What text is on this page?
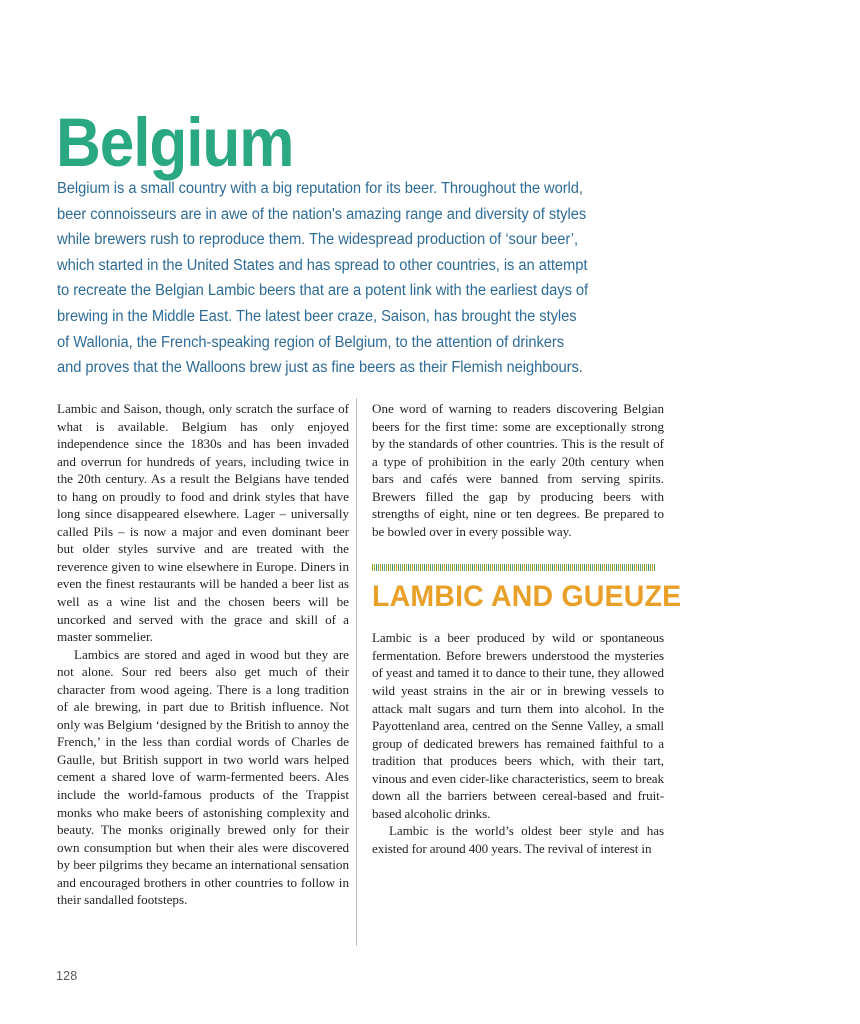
Belgium
Belgium is a small country with a big reputation for its beer. Throughout the world, beer connoisseurs are in awe of the nation's amazing range and diversity of styles while brewers rush to reproduce them. The widespread production of ‘sour beer’, which started in the United States and has spread to other countries, is an attempt to recreate the Belgian Lambic beers that are a potent link with the earliest days of brewing in the Middle East. The latest beer craze, Saison, has brought the styles of Wallonia, the French-speaking region of Belgium, to the attention of drinkers and proves that the Walloons brew just as fine beers as their Flemish neighbours.

Lambic and Saison, though, only scratch the surface of what is available. Belgium has only enjoyed independence since the 1830s and has been invaded and overrun for hundreds of years, including twice in the 20th century. As a result the Belgians have tended to hang on proudly to food and drink styles that have long since disappeared elsewhere. Lager – universally called Pils – is now a major and even dominant beer but older styles survive and are treated with the reverence given to wine elsewhere in Europe. Diners in even the finest restaurants will be handed a beer list as well as a wine list and the chosen beers will be uncorked and served with the grace and skill of a master sommelier.

Lambics are stored and aged in wood but they are not alone. Sour red beers also get much of their character from wood ageing. There is a long tradition of ale brewing, in part due to British influence. Not only was Belgium ‘designed by the British to annoy the French,’ in the less than cordial words of Charles de Gaulle, but British support in two world wars helped cement a shared love of warm-fermented beers. Ales include the world-famous products of the Trappist monks who make beers of astonishing complexity and beauty. The monks originally brewed only for their own consumption but when their ales were discovered by beer pilgrims they became an international sensation and encouraged brothers in other countries to follow in their sandalled footsteps.

One word of warning to readers discovering Belgian beers for the first time: some are exceptionally strong by the standards of other countries. This is the result of a type of prohibition in the early 20th century when bars and cafés were banned from serving spirits. Brewers filled the gap by producing beers with strengths of eight, nine or ten degrees. Be prepared to be bowled over in every possible way.

LAMBIC AND GUEUZE

Lambic is a beer produced by wild or spontaneous fermentation. Before brewers understood the mysteries of yeast and tamed it to dance to their tune, they allowed wild yeast strains in the air or in brewing vessels to attack malt sugars and turn them into alcohol. In the Payottenland area, centred on the Senne Valley, a small group of dedicated brewers has remained faithful to a tradition that produces beers which, with their tart, vinous and even cider-like characteristics, seem to break down all the barriers between cereal-based and fruit-based alcoholic drinks.

Lambic is the world’s oldest beer style and has existed for around 400 years. The revival of interest in

128
